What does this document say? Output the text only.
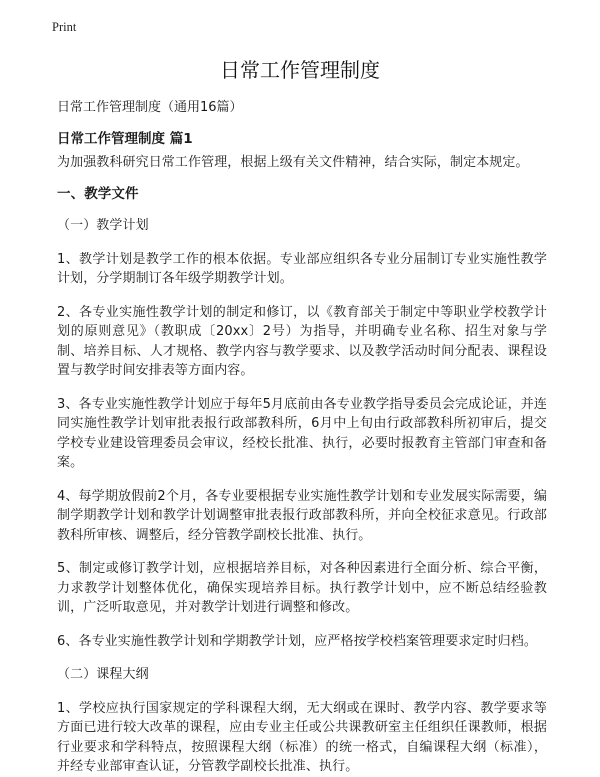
Print
日常工作管理制度

日常工作管理制度（通用16篇）

日常工作管理制度 篇1

为加强教科研究日常工作管理，根据上级有关文件精神，结合实际，制定本规定。

一、教学文件

（一）教学计划

1、教学计划是教学工作的根本依据。专业部应组织各专业分届制订专业实施性教学计划，分学期制订各年级学期教学计划。

2、各专业实施性教学计划的制定和修订，以《教育部关于制定中等职业学校教学计划的原则意见》（教职成〔20xx〕2号）为指导，并明确专业名称、招生对象与学制、培养目标、人才规格、教学内容与教学要求、以及教学活动时间分配表、课程设置与教学时间安排表等方面内容。

3、各专业实施性教学计划应于每年5月底前由各专业教学指导委员会完成论证，并连同实施性教学计划审批表报行政部教科所，6月中上旬由行政部教科所初审后，提交学校专业建设管理委员会审议，经校长批准、执行，必要时报教育主管部门审查和备案。

4、每学期放假前2个月，各专业要根据专业实施性教学计划和专业发展实际需要，编制学期教学计划和教学计划调整审批表报行政部教科所，并向全校征求意见。行政部教科所审核、调整后，经分管教学副校长批准、执行。

5、制定或修订教学计划，应根据培养目标，对各种因素进行全面分析、综合平衡，力求教学计划整体优化，确保实现培养目标。执行教学计划中，应不断总结经验教训，广泛听取意见，并对教学计划进行调整和修改。

6、各专业实施性教学计划和学期教学计划，应严格按学校档案管理要求定时归档。

（二）课程大纲

1、学校应执行国家规定的学科课程大纲，无大纲或在课时、教学内容、教学要求等方面已进行较大改革的课程，应由专业主任或公共课教研室主任组织任课教师，根据行业要求和学科特点，按照课程大纲（标准）的统一格式，自编课程大纲（标准），并经专业部审查认证，分管教学副校长批准、执行。
